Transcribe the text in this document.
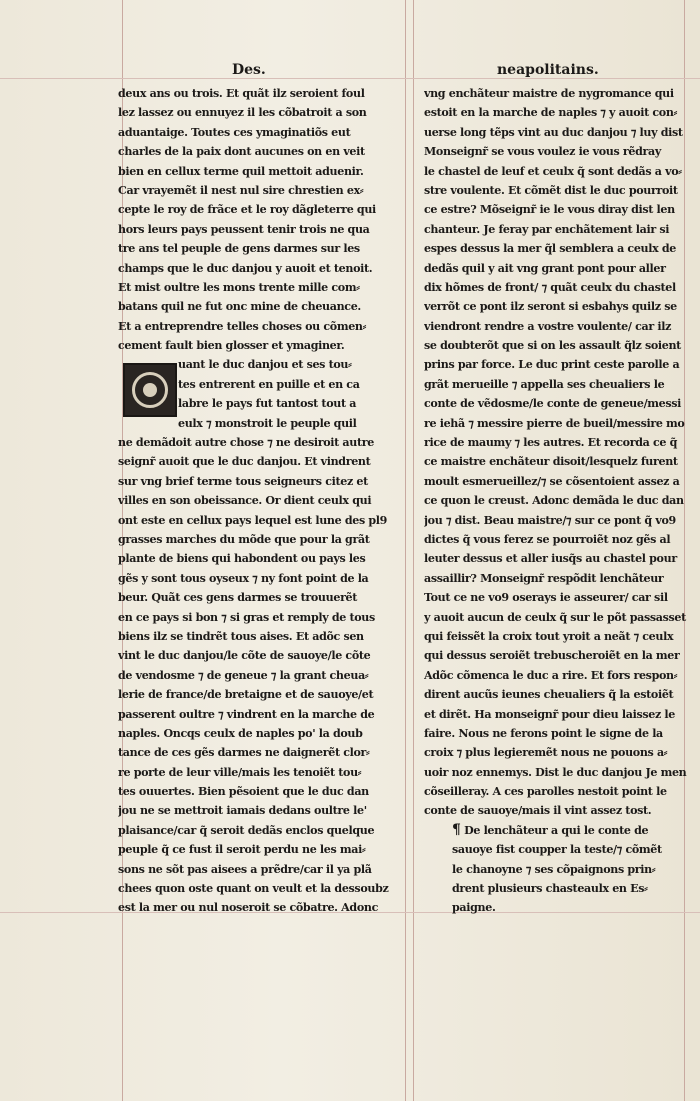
Des.	neapolitains.
deux ans ou trois. Et quãt ilz seroient foul
lez lassez ou ennuyez il les cõbatroit a son
aduantaige. Toutes ces ymaginatiõs eut
charles de la paix dont aucunes on en veit
bien en cellux terme quil mettoit aduenir.
Car vrayemẽt il nest nul sire chrestien ex⸗
cepte le roy de frãce et le roy dãgleterre qui
hors leurs pays peussent tenir trois ne qua
tre ans tel peuple de gens darmes sur les
champs que le duc danjou y auoit et tenoit.
Et mist oultre les mons trente mille com⸗
batans quil ne fut onc mine de cheuance.
Et a entreprendre telles choses ou cõmen⸗
cement fault bien glosser et ymaginer.
uant le duc danjou et ses tou⸗
tes entrerent en puille et en ca
labre le pays fut tantost tout a
eulx ⁊ monstroit le peuple quil
ne demãdoit autre chose ⁊ ne desiroit autre
seignr̃ auoit que le duc danjou. Et vindrent
sur vng brief terme tous seigneurs citez et
villes en son obeissance. Or dient ceulx qui
ont este en cellux pays lequel est lune des pl9
grasses marches du mõde que pour la grãt
plante de biens qui habondent ou pays les
gẽs y sont tous oyseux ⁊ ny font point de la
beur. Quãt ces gens darmes se trouuerẽt
en ce pays si bon ⁊ si gras et remply de tous
biens ilz se tindrẽt tous aises. Et adõc sen
vint le duc danjou/le cõte de sauoye/le cõte
de vendosme ⁊ de geneue ⁊ la grant cheua⸗
lerie de france/de bretaigne et de sauoye/et
passerent oultre ⁊ vindrent en la marche de
naples. Oncqs ceulx de naples po' la doub
tance de ces gẽs darmes ne daignerẽt clor⸗
re porte de leur ville/mais les tenoiẽt tou⸗
tes ouuertes. Bien pẽsoient que le duc dan
jou ne se mettroit iamais dedans oultre le'
plaisance/car q̃ seroit dedãs enclos quelque
peuple q̃ ce fust il seroit perdu ne les mai⸗
sons ne sõt pas aisees a prẽdre/car il ya plã
chees quon oste quant on veult et la dessoubz
est la mer ou nul noseroit se cõbatre. Adonc
vng enchãteur maistre de nygromance qui
estoit en la marche de naples ⁊ y auoit con⸗
uerse long tẽps vint au duc danjou ⁊ luy dist
Monseignr̃ se vous voulez ie vous rẽdray
le chastel de leuf et ceulx q̃ sont dedãs a vo⸗
stre voulente. Et cõmẽt dist le duc pourroit
ce estre? Mõseignr̃ ie le vous diray dist len
chanteur. Je feray par enchãtement lair si
espes dessus la mer q̃l semblera a ceulx de
dedãs quil y ait vng grant pont pour aller
dix hõmes de front/ ⁊ quãt ceulx du chastel
verrõt ce pont ilz seront si esbahys quilz se
viendront rendre a vostre voulente/ car ilz
se doubterõt que si on les assault q̃lz soient
prins par force. Le duc print ceste parolle a
grãt merueille ⁊ appella ses cheualiers le
conte de vẽdosme/le conte de geneue/messi
re iehã ⁊ messire pierre de bueil/messire mo
rice de maumy ⁊ les autres. Et recorda ce q̃
ce maistre enchãteur disoit/lesquelz furent
moult esmerueillez/⁊ se cõsentoient assez a
ce quon le creust. Adonc demãda le duc dan
jou ⁊ dist. Beau maistre/⁊ sur ce pont q̃ vo9
dictes q̃ vous ferez se pourroiẽt noz gẽs al
leuter dessus et aller iusq̃s au chastel pour
assaillir? Monseignr̃ respõdit lenchãteur
Tout ce ne vo9 oserays ie asseurer/ car sil
y auoit aucun de ceulx q̃ sur le põt passasset
qui feissẽt la croix tout yroit a neãt ⁊ ceulx
qui dessus seroiẽt trebuscheroiẽt en la mer
Adõc cõmenca le duc a rire. Et fors respon⸗
dirent aucũs ieunes cheualiers q̃ la estoiẽt
et dirẽt. Ha monseignr̃ pour dieu laissez le
faire. Nous ne ferons point le signe de la
croix ⁊ plus legieremẽt nous ne pouons a⸗
uoir noz ennemys. Dist le duc danjou Je men
cõseilleray. A ces parolles nestoit point le
conte de sauoye/mais il vint assez tost.
¶ De lenchãteur a qui le conte de
sauoye fist coupper la teste/⁊ cõmẽt
le chanoyne ⁊ ses cõpaignons prin⸗
drent plusieurs chasteaulx en Es⸗
paigne.
